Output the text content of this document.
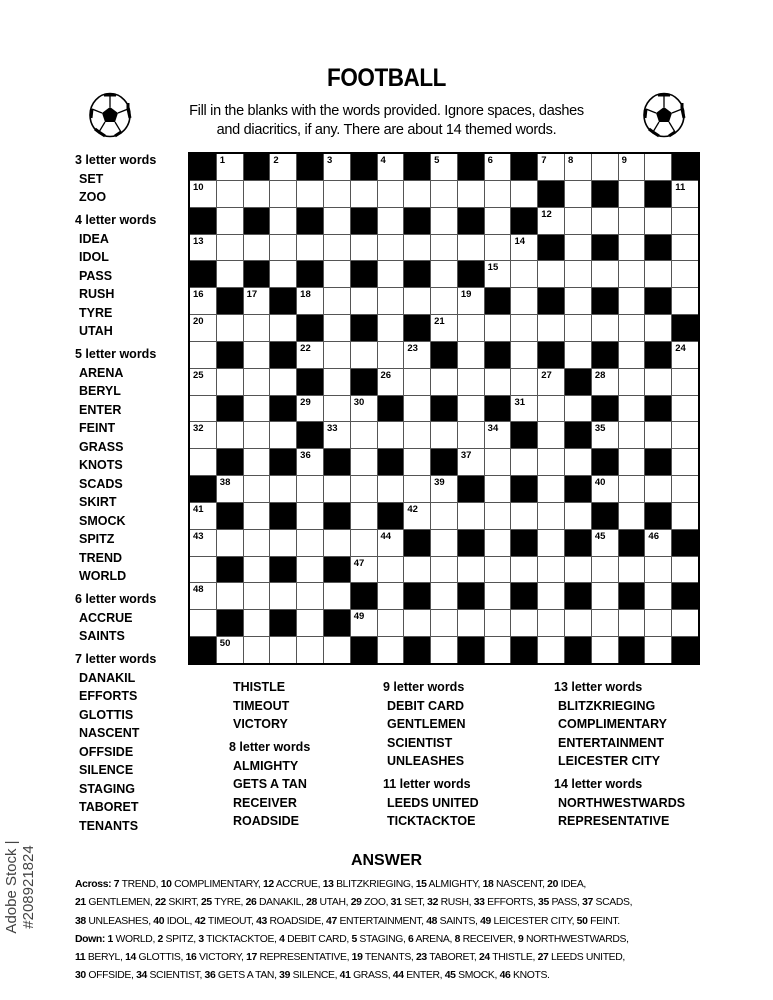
FOOTBALL
Fill in the blanks with the words provided. Ignore spaces, dashes
and diacritics, if any. There are about 14 themed words.
1	2	3	4	5	6	7 8	9
10	11
12
13	14
15
16	17	18	19
20	21
22	23	24
25	26	27	28
29	30	31
32	33	34	35
36	37
38	39	40
41	42
43	44	45	46
47
48
49
50
3 letter words
SET
ZOO
4 letter words
IDEA
IDOL
PASS
RUSH
TYRE
UTAH
5 letter words
ARENA
BERYL
ENTER
FEINT
GRASS
KNOTS
SCADS
SKIRT
SMOCK
SPITZ
TREND
WORLD
6 letter words
ACCRUE
SAINTS
7 letter words
DANAKIL
EFFORTS
GLOTTIS
NASCENT
OFFSIDE
SILENCE
STAGING
TABORET
TENANTS
THISTLE
TIMEOUT
VICTORY
8 letter words
ALMIGHTY
GETS A TAN
RECEIVER
ROADSIDE
9 letter words
DEBIT CARD
GENTLEMEN
SCIENTIST
UNLEASHES
11 letter words
LEEDS UNITED
TICKTACKTOE
13 letter words
BLITZKRIEGING
COMPLIMENTARY
ENTERTAINMENT
LEICESTER CITY
14 letter words
NORTHWESTWARDS
REPRESENTATIVE
ANSWER
Across: 7 TREND, 10 COMPLIMENTARY, 12 ACCRUE, 13 BLITZKRIEGING, 15 ALMIGHTY, 18 NASCENT, 20 IDEA,
21 GENTLEMEN, 22 SKIRT, 25 TYRE, 26 DANAKIL, 28 UTAH, 29 ZOO, 31 SET, 32 RUSH, 33 EFFORTS, 35 PASS, 37 SCADS,
38 UNLEASHES, 40 IDOL, 42 TIMEOUT, 43 ROADSIDE, 47 ENTERTAINMENT, 48 SAINTS, 49 LEICESTER CITY, 50 FEINT.
Down: 1 WORLD, 2 SPITZ, 3 TICKTACKTOE, 4 DEBIT CARD, 5 STAGING, 6 ARENA, 8 RECEIVER, 9 NORTHWESTWARDS,
11 BERYL, 14 GLOTTIS, 16 VICTORY, 17 REPRESENTATIVE, 19 TENANTS, 23 TABORET, 24 THISTLE, 27 LEEDS UNITED,
30 OFFSIDE, 34 SCIENTIST, 36 GETS A TAN, 39 SILENCE, 41 GRASS, 44 ENTER, 45 SMOCK, 46 KNOTS.
Adobe Stock | #208921824
